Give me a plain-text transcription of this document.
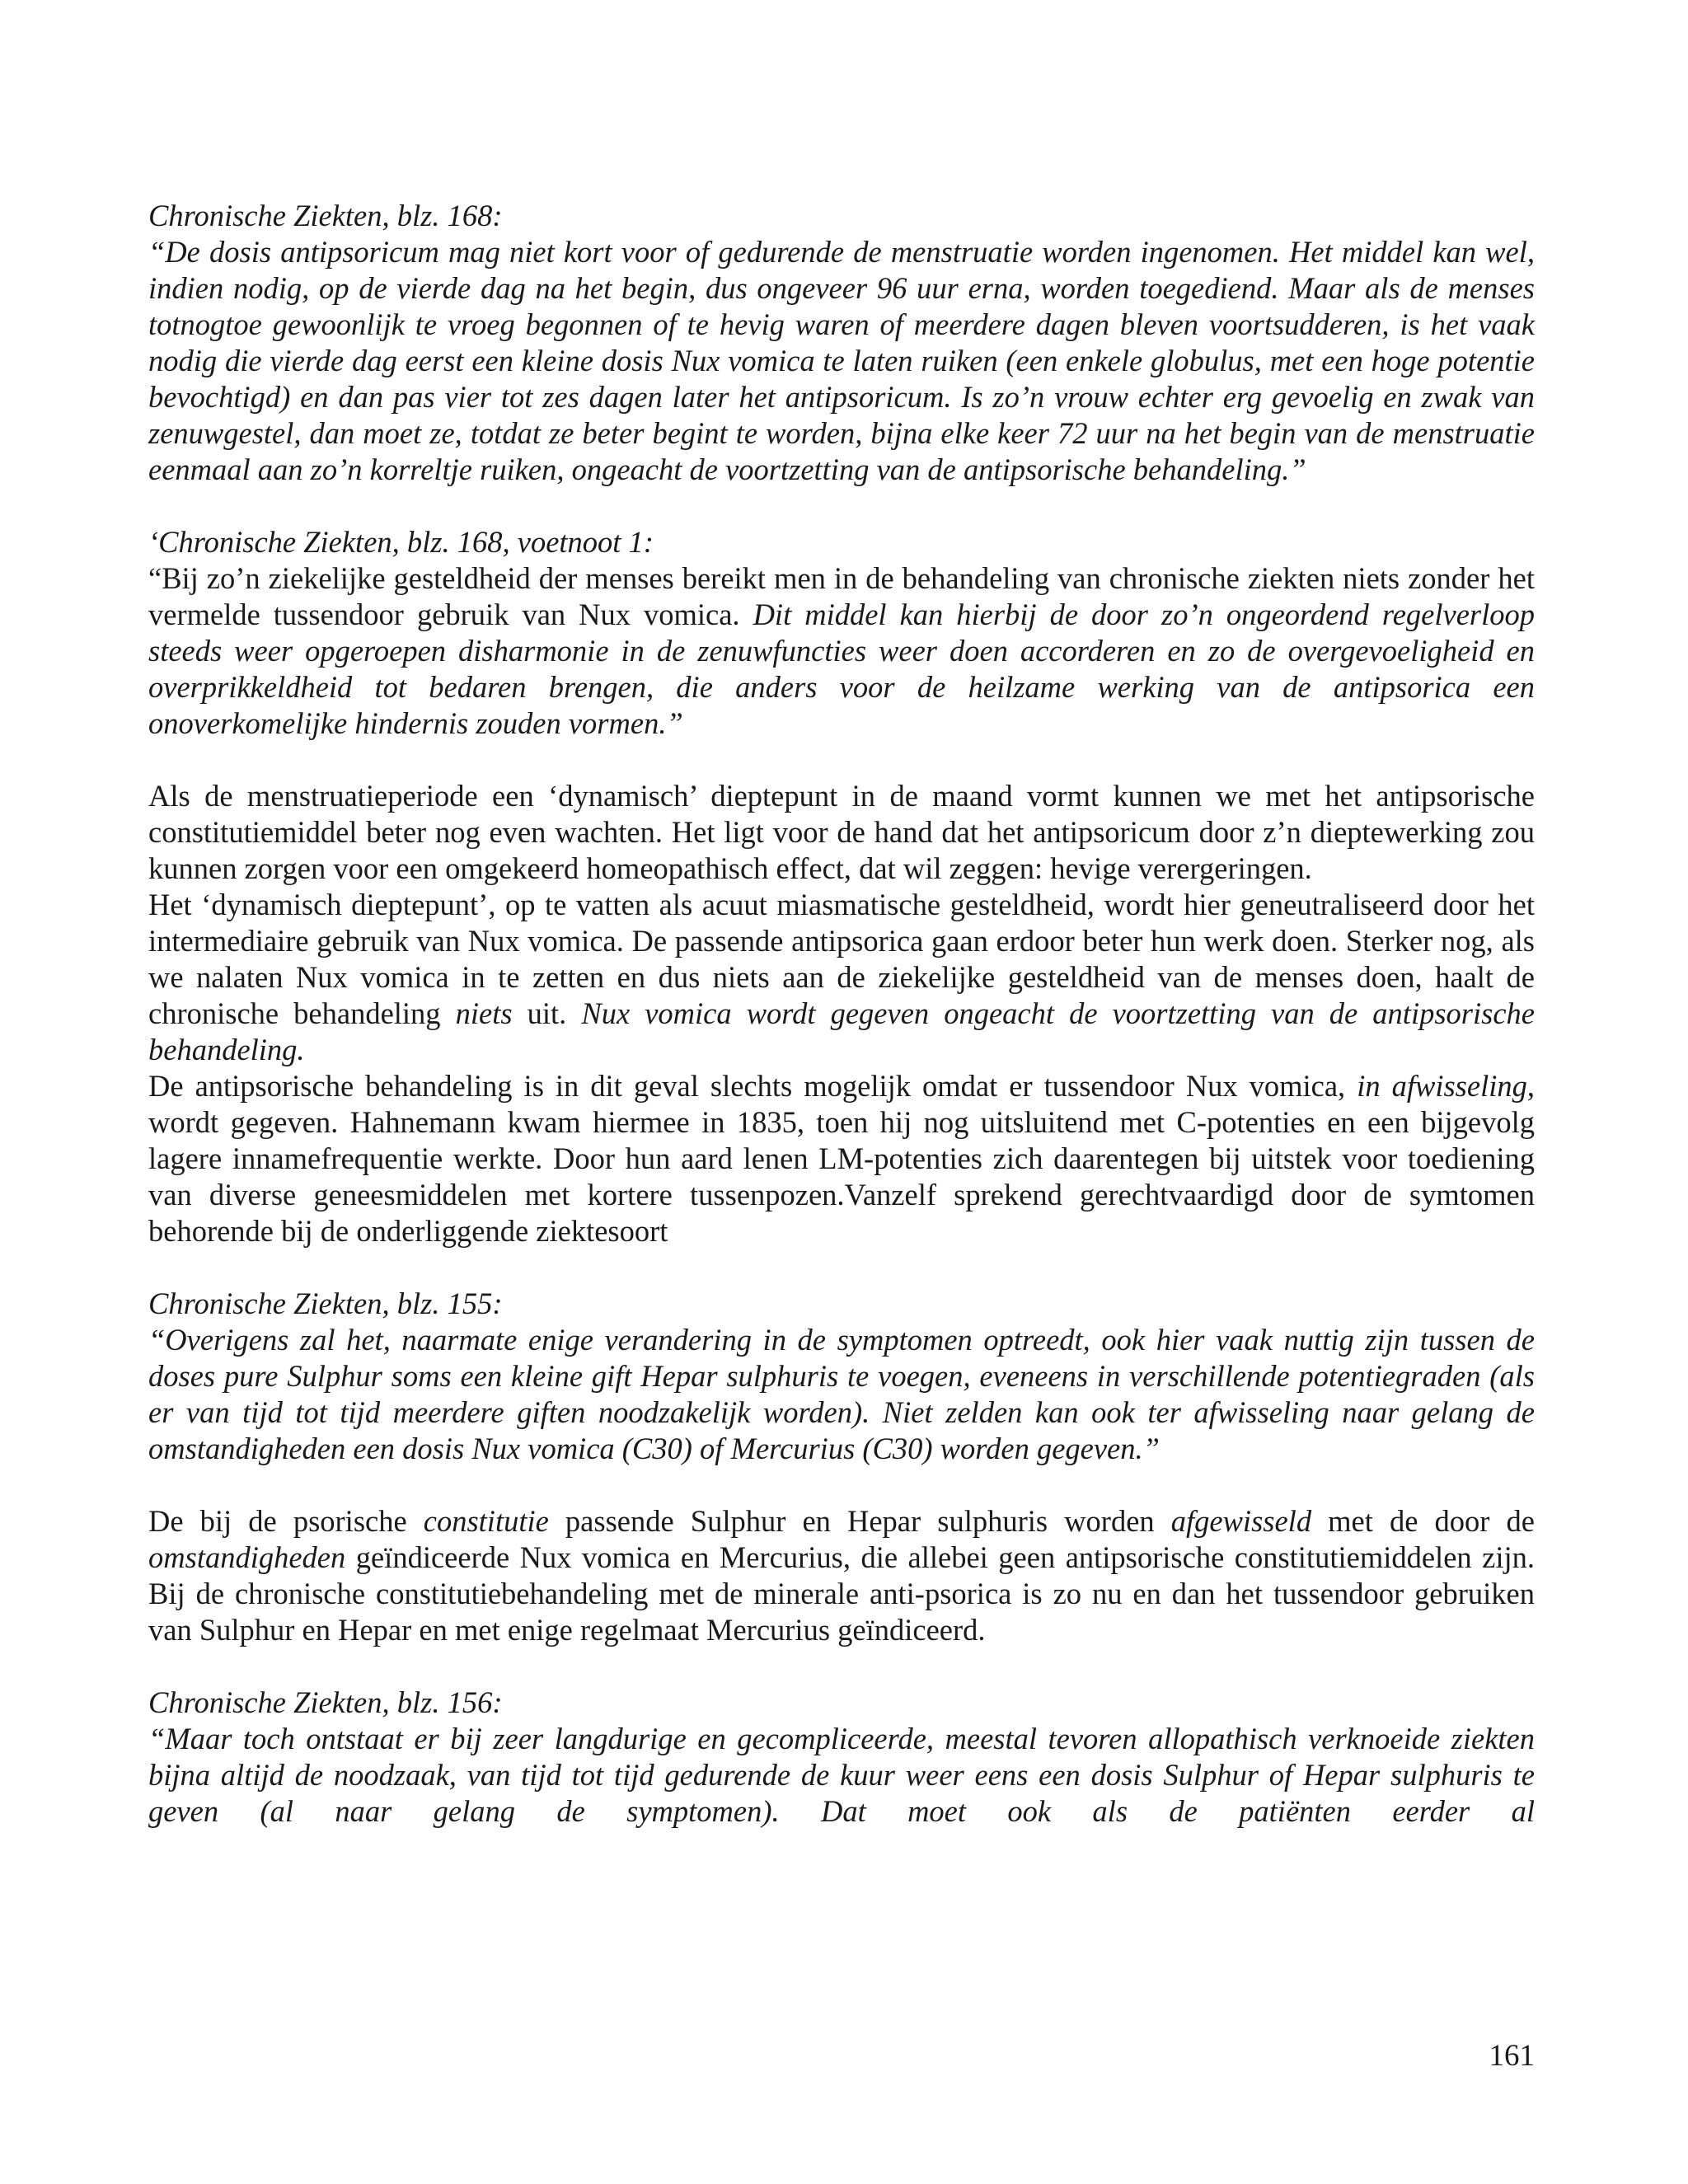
Chronische Ziekten, blz. 168:

“De dosis antipsoricum mag niet kort voor of gedurende de menstruatie worden ingenomen. Het middel kan wel, indien nodig, op de vierde dag na het begin, dus ongeveer 96 uur erna, worden toegediend. Maar als de menses totnogtoe gewoonlijk te vroeg begonnen of te hevig waren of meerdere dagen bleven voortsudderen, is het vaak nodig die vierde dag eerst een kleine dosis Nux vomica te laten ruiken (een enkele globulus, met een hoge potentie bevochtigd) en dan pas vier tot zes dagen later het antipsoricum. Is zo’n vrouw echter erg gevoelig en zwak van zenuwgestel, dan moet ze, totdat ze beter begint te worden, bijna elke keer 72 uur na het begin van de menstruatie eenmaal aan zo’n korreltje ruiken, ongeacht de voortzetting van de antipsorische behandeling.”

‘Chronische Ziekten, blz. 168, voetnoot 1:

“Bij zo’n ziekelijke gesteldheid der menses bereikt men in de behandeling van chronische ziekten niets zonder het vermelde tussendoor gebruik van Nux vomica. Dit middel kan hierbij de door zo’n ongeordend regelverloop steeds weer opgeroepen disharmonie in de zenuwfuncties weer doen accorderen en zo de overgevoeligheid en overprikkeldheid tot bedaren brengen, die anders voor de heilzame werking van de antipsorica een onoverkomelijke hindernis zouden vormen.”

Als de menstruatieperiode een ‘dynamisch’ dieptepunt in de maand vormt kunnen we met het antipsorische constitutiemiddel beter nog even wachten. Het ligt voor de hand dat het antipsoricum door z’n dieptewerking zou kunnen zorgen voor een omgekeerd homeopathisch effect, dat wil zeggen: hevige verergeringen.

Het ‘dynamisch dieptepunt’, op te vatten als acuut miasmatische gesteldheid, wordt hier geneutraliseerd door het intermediaire gebruik van Nux vomica. De passende antipsorica gaan erdoor beter hun werk doen. Sterker nog, als we nalaten Nux vomica in te zetten en dus niets aan de ziekelijke gesteldheid van de menses doen, haalt de chronische behandeling niets uit. Nux vomica wordt gegeven ongeacht de voortzetting van de antipsorische behandeling.

De antipsorische behandeling is in dit geval slechts mogelijk omdat er tussendoor Nux vomica, in afwisseling, wordt gegeven. Hahnemann kwam hiermee in 1835, toen hij nog uitsluitend met C-potenties en een bijgevolg lagere innamefrequentie werkte. Door hun aard lenen LM-potenties zich daarentegen bij uitstek voor toediening van diverse geneesmiddelen met kortere tussenpozen.Vanzelf sprekend gerechtvaardigd door de symtomen behorende bij de onderliggende ziektesoort

Chronische Ziekten, blz. 155:

“Overigens zal het, naarmate enige verandering in de symptomen optreedt, ook hier vaak nuttig zijn tussen de doses pure Sulphur soms een kleine gift Hepar sulphuris te voegen, eveneens in verschillende potentiegraden (als er van tijd tot tijd meerdere giften noodzakelijk worden). Niet zelden kan ook ter afwisseling naar gelang de omstandigheden een dosis Nux vomica (C30) of Mercurius (C30) worden gegeven.”

De bij de psorische constitutie passende Sulphur en Hepar sulphuris worden afgewisseld met de door de omstandigheden geïndiceerde Nux vomica en Mercurius, die allebei geen antipsorische constitutiemiddelen zijn. Bij de chronische constitutiebehandeling met de minerale anti-psorica is zo nu en dan het tussendoor gebruiken van Sulphur en Hepar en met enige regelmaat Mercurius geïndiceerd.

Chronische Ziekten, blz. 156:

“Maar toch ontstaat er bij zeer langdurige en gecompliceerde, meestal tevoren allopathisch verknoeide ziekten bijna altijd de noodzaak, van tijd tot tijd gedurende de kuur weer eens een dosis Sulphur of Hepar sulphuris te geven (al naar gelang de symptomen). Dat moet ook als de patiënten eerder al

161
